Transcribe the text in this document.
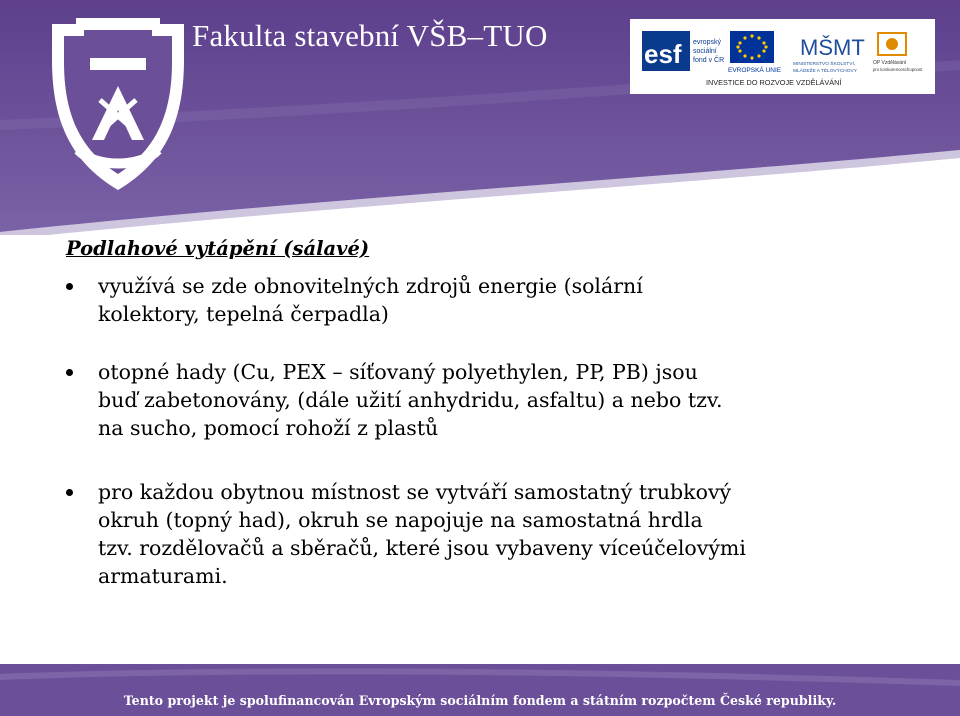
Fakulta stavební VŠB–TUO
esf evropský
sociální
fond v ČR
EVROPSKÁ UNIE
MŠMT
MINISTERSTVO ŠKOLSTVÍ,
MLÁDEŽE A TĚLOVÝCHOVY
OP Vzdělávání
pro konkurenceschopnost
INVESTICE DO ROZVOJE VZDĚLÁVÁNÍ
Podlahové vytápění (sálavé)
využívá se zde obnovitelných zdrojů energie (solární
kolektory, tepelná čerpadla)
otopné hady (Cu, PEX – síťovaný polyethylen, PP, PB) jsou
buď zabetonovány, (dále užití anhydridu, asfaltu) a nebo tzv.
na sucho, pomocí rohoží z plastů
pro každou obytnou místnost se vytváří samostatný trubkový
okruh (topný had), okruh se napojuje na samostatná hrdla
tzv. rozdělovačů a sběračů, které jsou vybaveny víceúčelovými
armaturami.
Tento projekt je spolufinancován Evropským sociálním fondem a státním rozpočtem České republiky.
